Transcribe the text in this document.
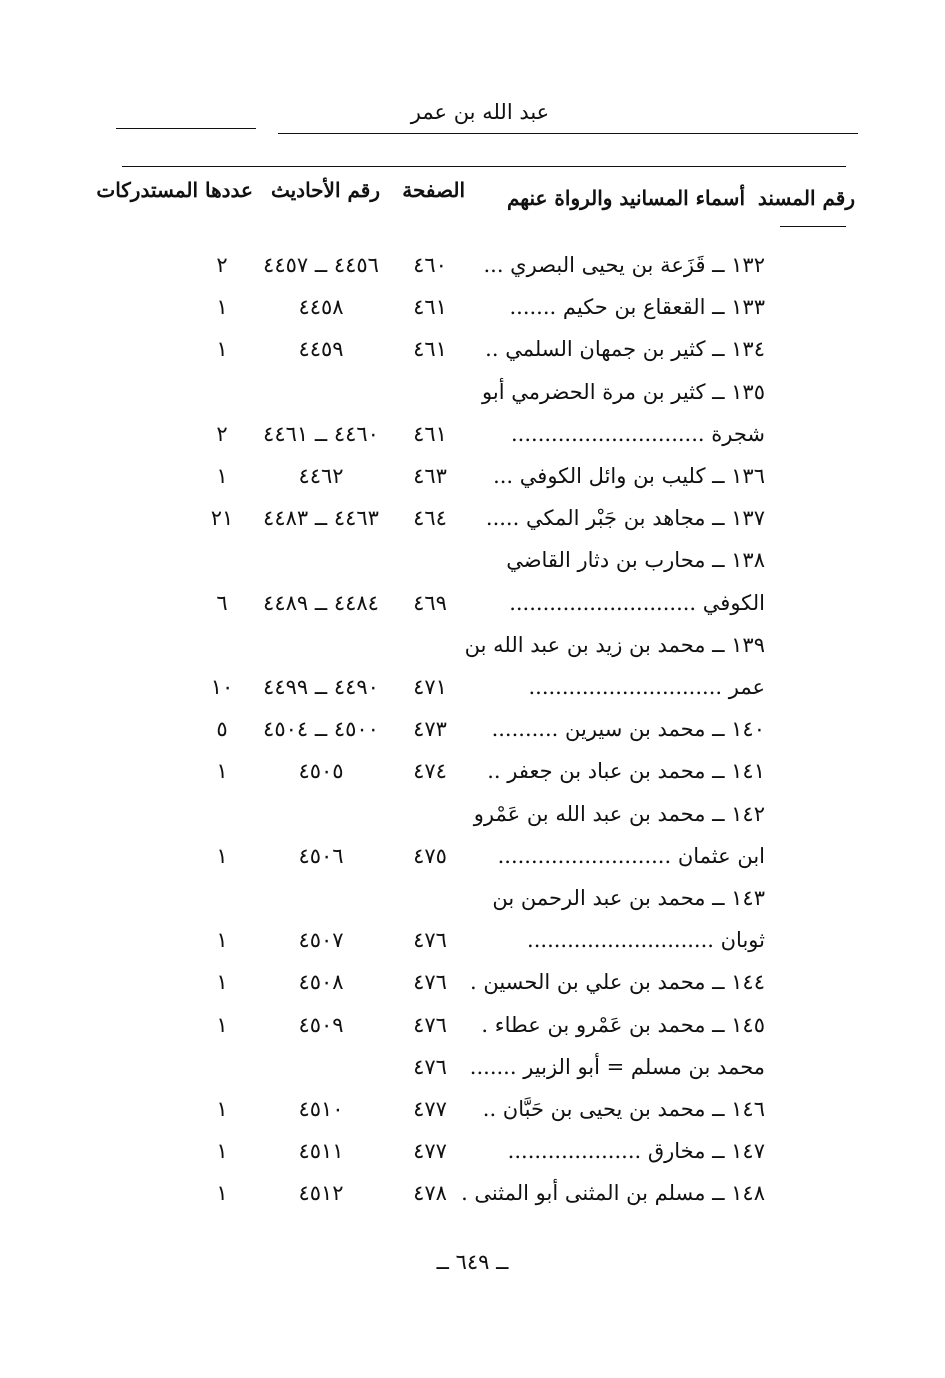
عبد الله بن عمر
رقم المسند
أسماء المسانيد والرواة عنهم
الصفحة
رقم الأحاديث
عددها المستدركات
١٣٢ ــ قَزَعة بن يحيى البصري ...
٤٦٠
٤٤٥٦ ــ ٤٤٥٧
٢
١٣٣ ــ القعقاع بن حكيم .......
٤٦١
٤٤٥٨
١
١٣٤ ــ كثير بن جمهان السلمي ..
٤٦١
٤٤٥٩
١
١٣٥ ــ كثير بن مرة الحضرمي أبو
شجرة .............................
٤٦١
٤٤٦٠ ــ ٤٤٦١
٢
١٣٦ ــ كليب بن وائل الكوفي ...
٤٦٣
٤٤٦٢
١
١٣٧ ــ مجاهد بن جَبْر المكي .....
٤٦٤
٤٤٦٣ ــ ٤٤٨٣
٢١
١٣٨ ــ محارب بن دثار القاضي
الكوفي ............................
٤٦٩
٤٤٨٤ ــ ٤٤٨٩
٦
١٣٩ ــ محمد بن زيد بن عبد الله بن
عمر .............................
٤٧١
٤٤٩٠ ــ ٤٤٩٩
١٠
١٤٠ ــ محمد بن سيرين ..........
٤٧٣
٤٥٠٠ ــ ٤٥٠٤
٥
١٤١ ــ محمد بن عباد بن جعفر ..
٤٧٤
٤٥٠٥
١
١٤٢ ــ محمد بن عبد الله بن عَمْرو
ابن عثمان ..........................
٤٧٥
٤٥٠٦
١
١٤٣ ــ محمد بن عبد الرحمن بن
ثوبان ............................
٤٧٦
٤٥٠٧
١
١٤٤ ــ محمد بن علي بن الحسين .
٤٧٦
٤٥٠٨
١
١٤٥ ــ محمد بن عَمْرو بن عطاء .
٤٧٦
٤٥٠٩
١
محمد بن مسلم = أبو الزبير .......
٤٧٦
١٤٦ ــ محمد بن يحيى بن حَبَّان ..
٤٧٧
٤٥١٠
١
١٤٧ ــ مخارق ....................
٤٧٧
٤٥١١
١
١٤٨ ــ مسلم بن المثنى أبو المثنى .
٤٧٨
٤٥١٢
١
ــ ٦٤٩ ــ
